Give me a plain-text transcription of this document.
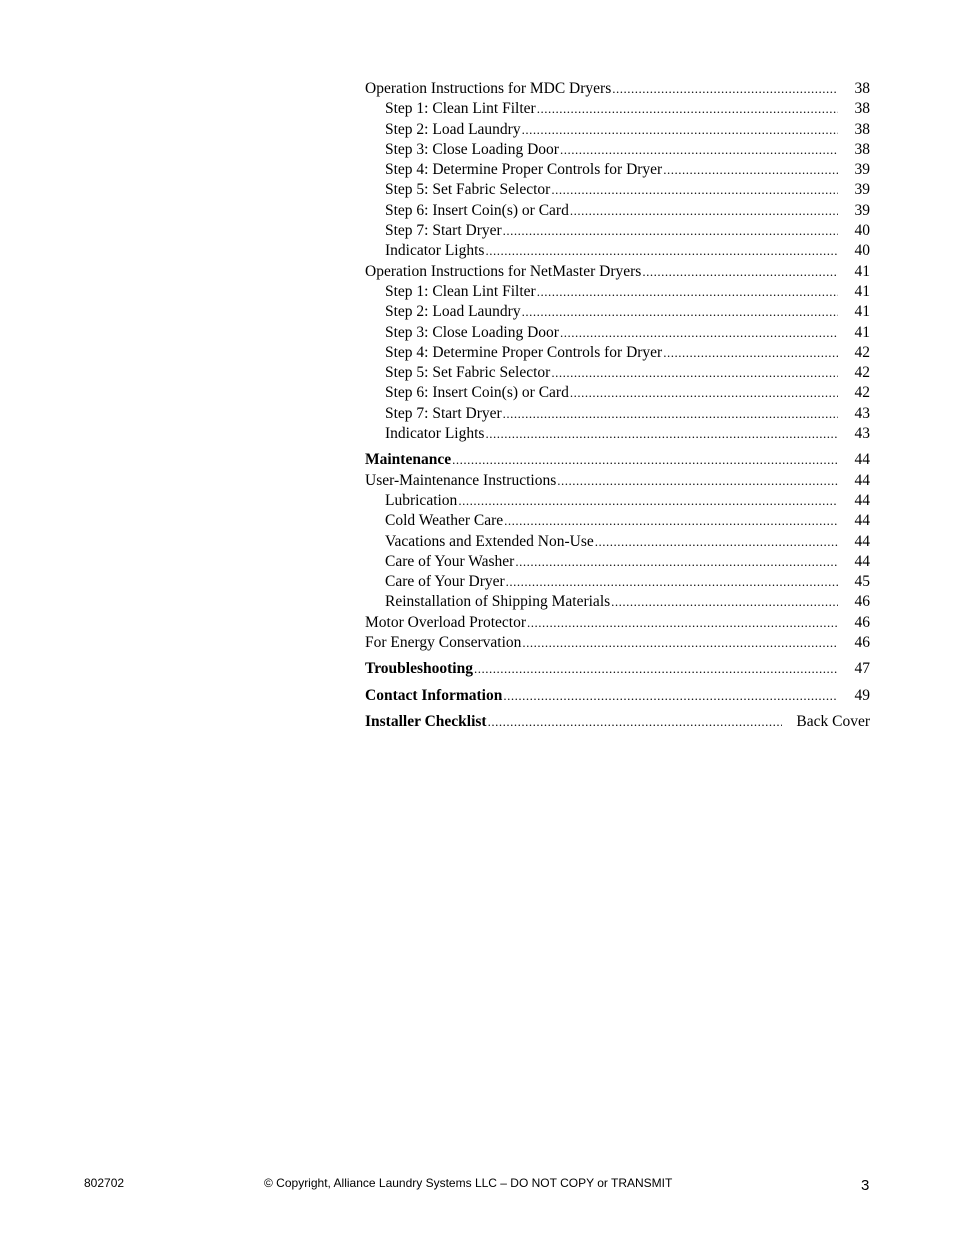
Operation Instructions for MDC Dryers .....	38
Step 1: Clean Lint Filter .....	38
Step 2: Load Laundry .....	38
Step 3: Close Loading Door .....	38
Step 4: Determine Proper Controls for Dryer .....	39
Step 5: Set Fabric Selector .....	39
Step 6: Insert Coin(s) or Card .....	39
Step 7: Start Dryer .....	40
Indicator Lights .....	40
Operation Instructions for NetMaster Dryers .....	41
Step 1: Clean Lint Filter .....	41
Step 2: Load Laundry .....	41
Step 3: Close Loading Door .....	41
Step 4: Determine Proper Controls for Dryer .....	42
Step 5: Set Fabric Selector .....	42
Step 6: Insert Coin(s) or Card .....	42
Step 7: Start Dryer .....	43
Indicator Lights .....	43
Maintenance .....	44
User-Maintenance Instructions .....	44
Lubrication .....	44
Cold Weather Care .....	44
Vacations and Extended Non-Use .....	44
Care of Your Washer .....	44
Care of Your Dryer .....	45
Reinstallation of Shipping Materials .....	46
Motor Overload Protector .....	46
For Energy Conservation .....	46
Troubleshooting .....	47
Contact Information .....	49
Installer Checklist .....	Back Cover
802702	© Copyright, Alliance Laundry Systems LLC – DO NOT COPY or TRANSMIT	3
